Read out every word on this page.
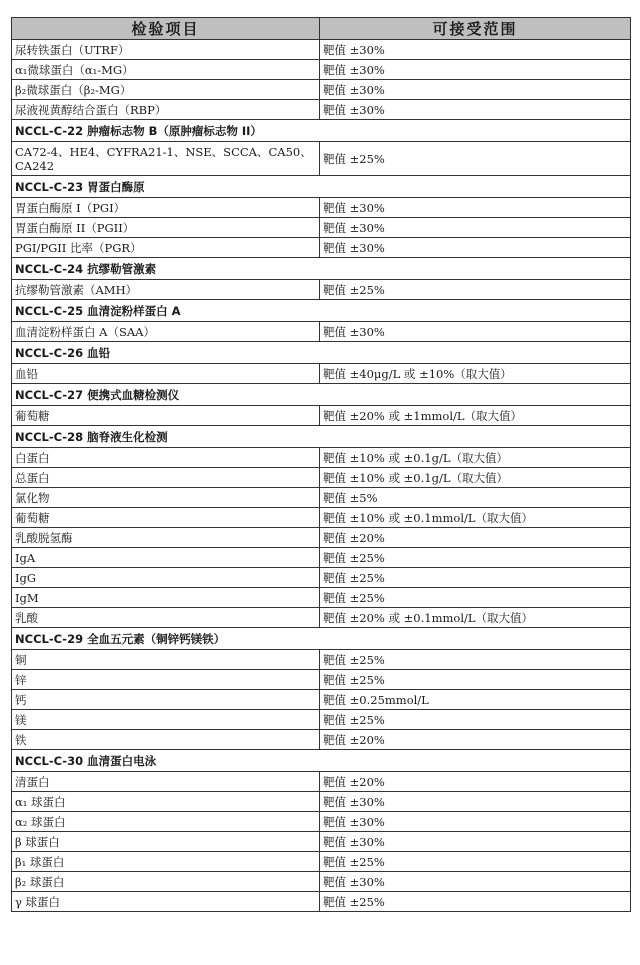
检验项目	可接受范围
尿转铁蛋白（UTRF）	靶值 ±30%
α₁微球蛋白（α₁-MG）	靶值 ±30%
β₂微球蛋白（β₂-MG）	靶值 ±30%
尿液视黄醇结合蛋白（RBP）	靶值 ±30%
NCCL-C-22 肿瘤标志物 B（原肿瘤标志物 II）	
CA72-4、HE4、CYFRA21-1、NSE、SCCA、CA50、CA242	靶值 ±25%
NCCL-C-23 胃蛋白酶原	
胃蛋白酶原 I（PGI）	靶值 ±30%
胃蛋白酶原 II（PGII）	靶值 ±30%
PGI/PGII 比率（PGR）	靶值 ±30%
NCCL-C-24 抗缪勒管激素	
抗缪勒管激素（AMH）	靶值 ±25%
NCCL-C-25 血清淀粉样蛋白 A	
血清淀粉样蛋白 A（SAA）	靶值 ±30%
NCCL-C-26 血铅	
血铅	靶值 ±40μg/L 或 ±10%（取大值）
NCCL-C-27 便携式血糖检测仪	
葡萄糖	靶值 ±20% 或 ±1mmol/L（取大值）
NCCL-C-28 脑脊液生化检测	
白蛋白	靶值 ±10% 或 ±0.1g/L（取大值）
总蛋白	靶值 ±10% 或 ±0.1g/L（取大值）
氯化物	靶值 ±5%
葡萄糖	靶值 ±10% 或 ±0.1mmol/L（取大值）
乳酸脱氢酶	靶值 ±20%
IgA	靶值 ±25%
IgG	靶值 ±25%
IgM	靶值 ±25%
乳酸	靶值 ±20% 或 ±0.1mmol/L（取大值）
NCCL-C-29 全血五元素（铜锌钙镁铁）	
铜	靶值 ±25%
锌	靶值 ±25%
钙	靶值 ±0.25mmol/L
镁	靶值 ±25%
铁	靶值 ±20%
NCCL-C-30 血清蛋白电泳	
清蛋白	靶值 ±20%
α₁ 球蛋白	靶值 ±30%
α₂ 球蛋白	靶值 ±30%
β 球蛋白	靶值 ±30%
β₁ 球蛋白	靶值 ±25%
β₂ 球蛋白	靶值 ±30%
γ 球蛋白	靶值 ±25%
